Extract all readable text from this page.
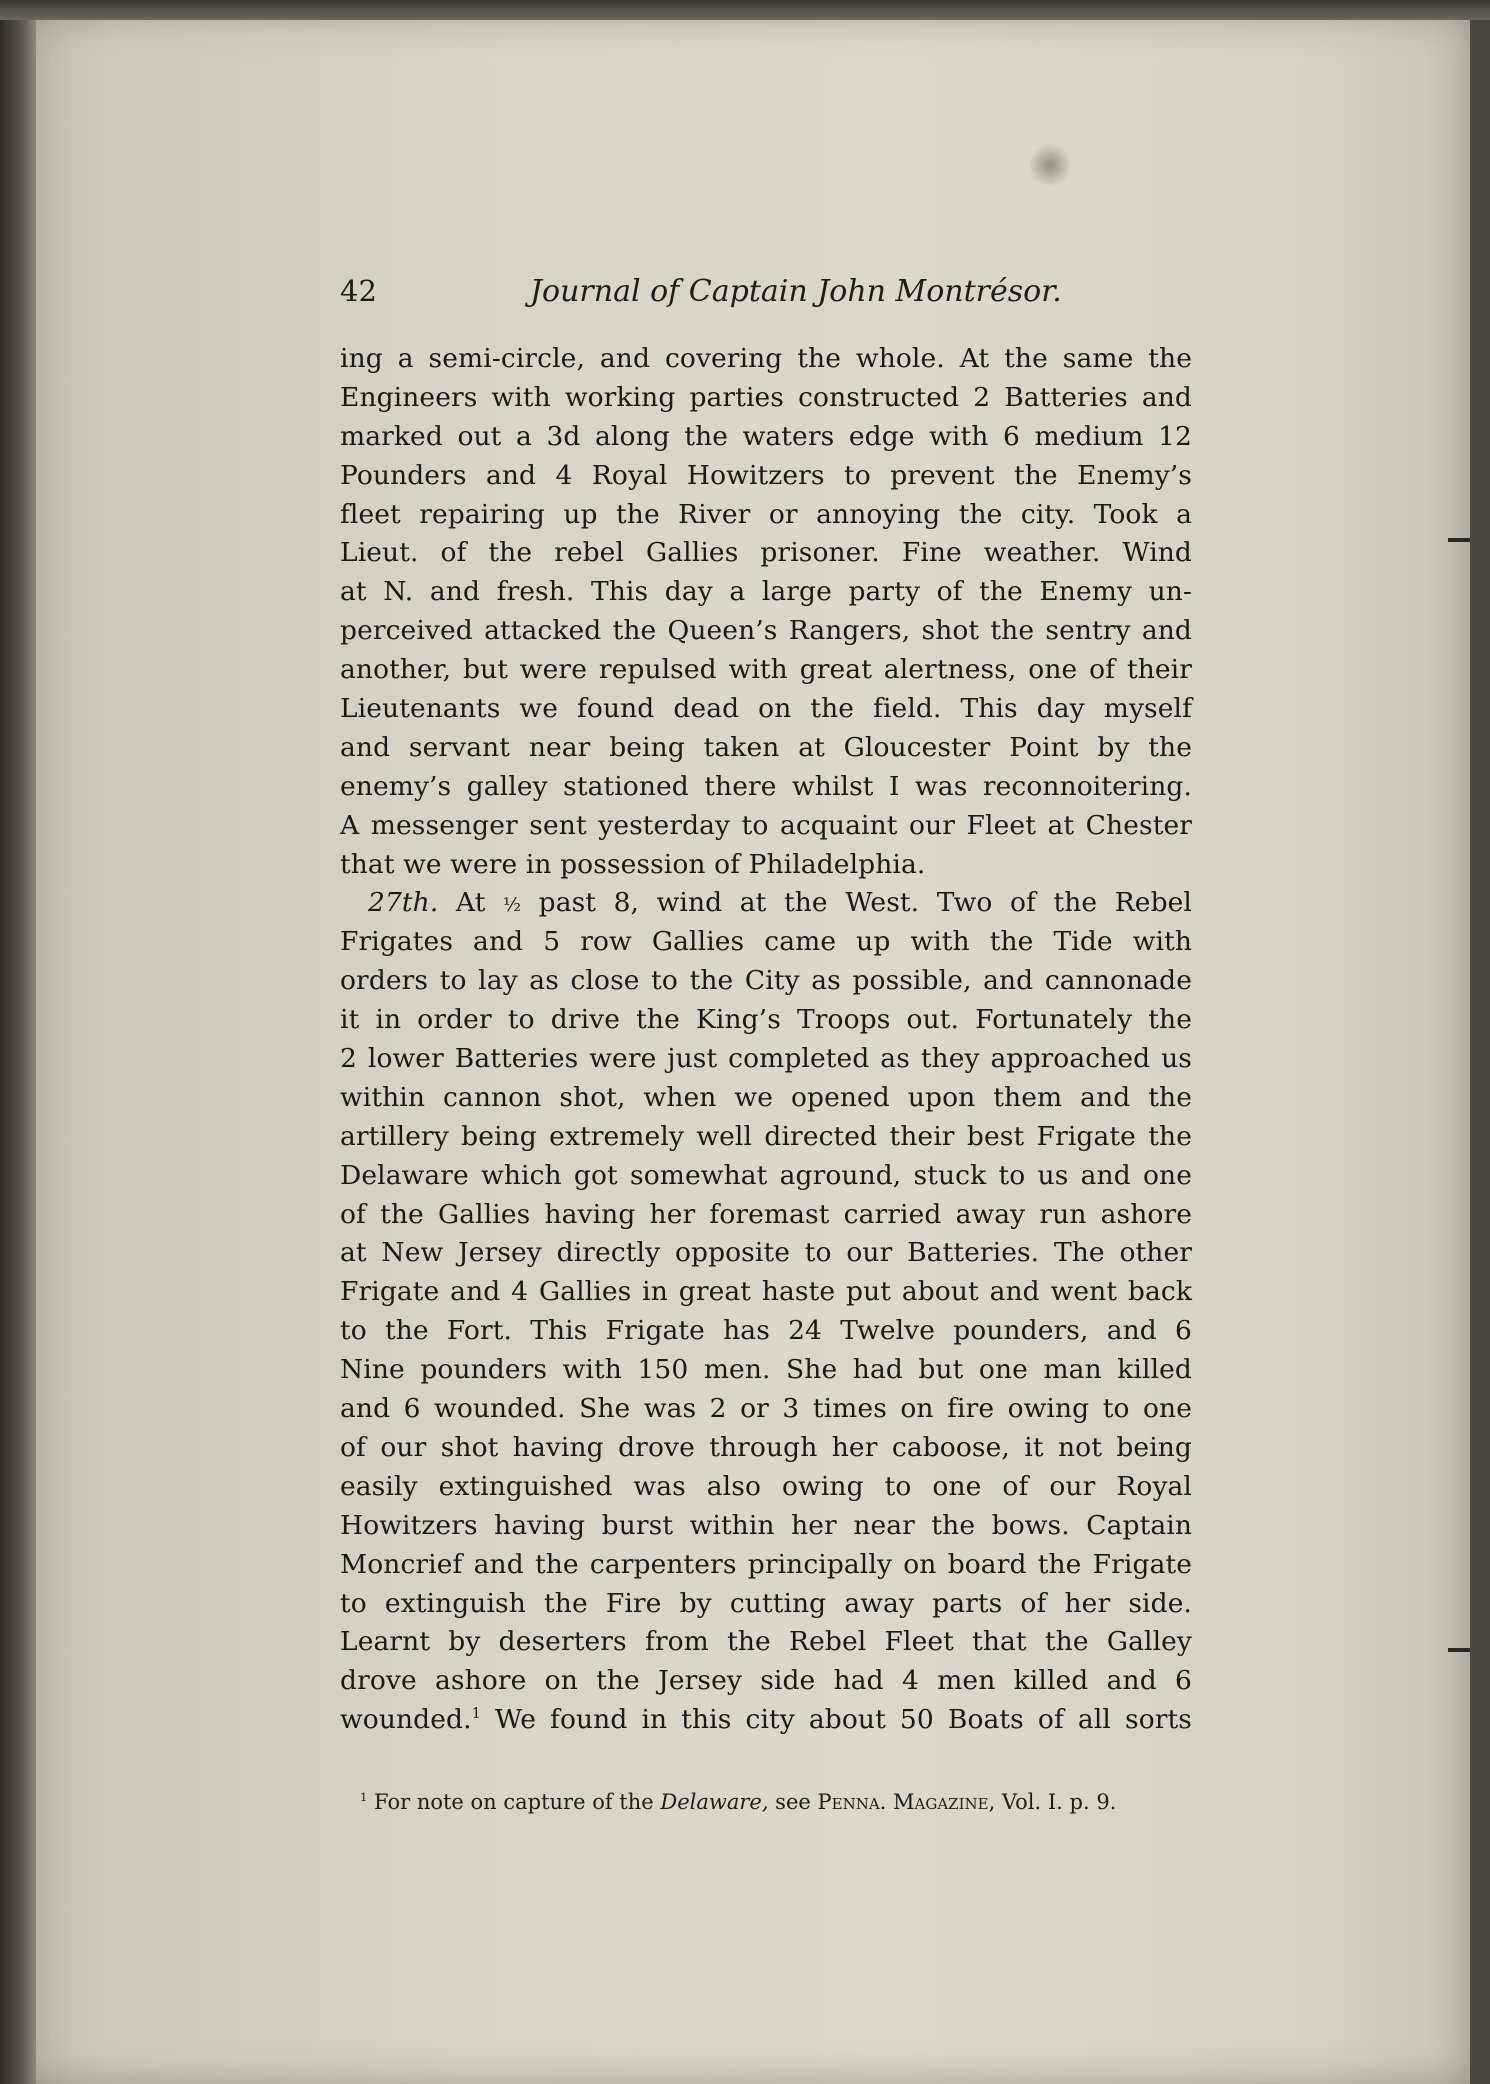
42	Journal of Captain John Montrésor.
ing a semi-circle, and covering the whole. At the same the
Engineers with working parties constructed 2 Batteries and
marked out a 3d along the waters edge with 6 medium 12
Pounders and 4 Royal Howitzers to prevent the Enemy’s
fleet repairing up the River or annoying the city. Took a
Lieut. of the rebel Gallies prisoner. Fine weather. Wind
at N. and fresh. This day a large party of the Enemy un-
perceived attacked the Queen’s Rangers, shot the sentry and
another, but were repulsed with great alertness, one of their
Lieutenants we found dead on the field. This day myself
and servant near being taken at Gloucester Point by the
enemy’s galley stationed there whilst I was reconnoitering.
A messenger sent yesterday to acquaint our Fleet at Chester
that we were in possession of Philadelphia.
27th. At ½ past 8, wind at the West. Two of the Rebel
Frigates and 5 row Gallies came up with the Tide with
orders to lay as close to the City as possible, and cannonade
it in order to drive the King’s Troops out. Fortunately the
2 lower Batteries were just completed as they approached us
within cannon shot, when we opened upon them and the
artillery being extremely well directed their best Frigate the
Delaware which got somewhat aground, stuck to us and one
of the Gallies having her foremast carried away run ashore
at New Jersey directly opposite to our Batteries. The other
Frigate and 4 Gallies in great haste put about and went back
to the Fort. This Frigate has 24 Twelve pounders, and 6
Nine pounders with 150 men. She had but one man killed
and 6 wounded. She was 2 or 3 times on fire owing to one
of our shot having drove through her caboose, it not being
easily extinguished was also owing to one of our Royal
Howitzers having burst within her near the bows. Captain
Moncrief and the carpenters principally on board the Frigate
to extinguish the Fire by cutting away parts of her side.
Learnt by deserters from the Rebel Fleet that the Galley
drove ashore on the Jersey side had 4 men killed and 6
wounded.$^1$ We found in this city about 50 Boats of all sorts
$^1$ For note on capture of the Delaware, see Penna. Magazine, Vol. I. p. 9.
